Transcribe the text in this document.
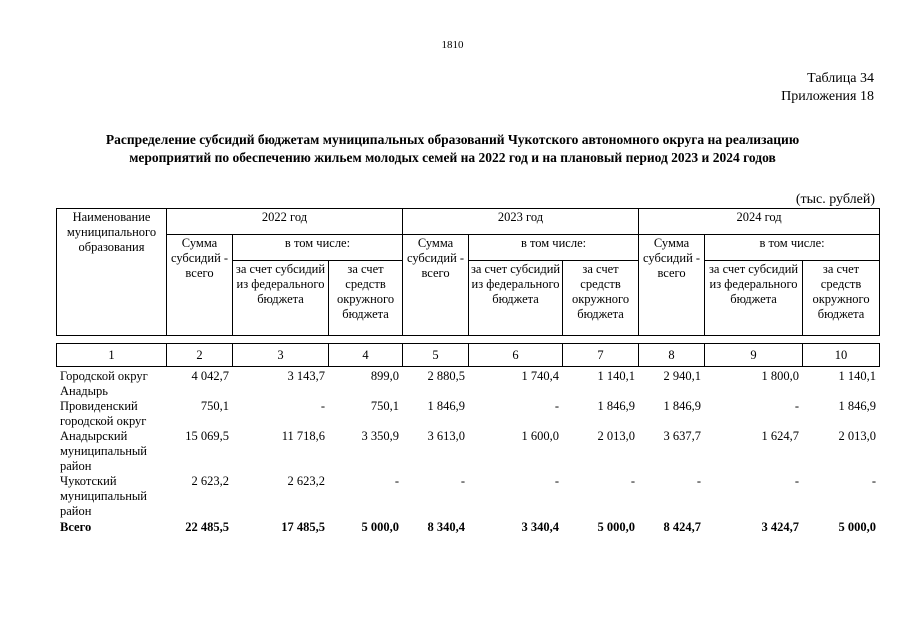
1810
Таблица 34
Приложения 18
Распределение субсидий бюджетам муниципальных образований Чукотского автономного округа на реализацию
мероприятий по обеспечению жильем молодых семей на 2022 год и на плановый период 2023 и 2024 годов
(тыс. рублей)
Наименование муниципального образования	2022 год			2023 год			2024 год		
	Сумма субсидий - всего	в том числе:		Сумма субсидий - всего	в том числе:		Сумма субсидий - всего	в том числе:	
		за счет субсидий из федерального бюджета	за счет средств окружного бюджета		за счет субсидий из федерального бюджета	за счет средств окружного бюджета		за счет субсидий из федерального бюджета	за счет средств окружного бюджета
1	2	3	4	5	6	7	8	9	10
Городской округ Анадырь	4 042,7	3 143,7	899,0	2 880,5	1 740,4	1 140,1	2 940,1	1 800,0	1 140,1
Провиденский городской округ	750,1	-	750,1	1 846,9	-	1 846,9	1 846,9	-	1 846,9
Анадырский муниципальный район	15 069,5	11 718,6	3 350,9	3 613,0	1 600,0	2 013,0	3 637,7	1 624,7	2 013,0
Чукотский муниципальный район	2 623,2	2 623,2	-	-	-	-	-	-	-
Всего	22 485,5	17 485,5	5 000,0	8 340,4	3 340,4	5 000,0	8 424,7	3 424,7	5 000,0
